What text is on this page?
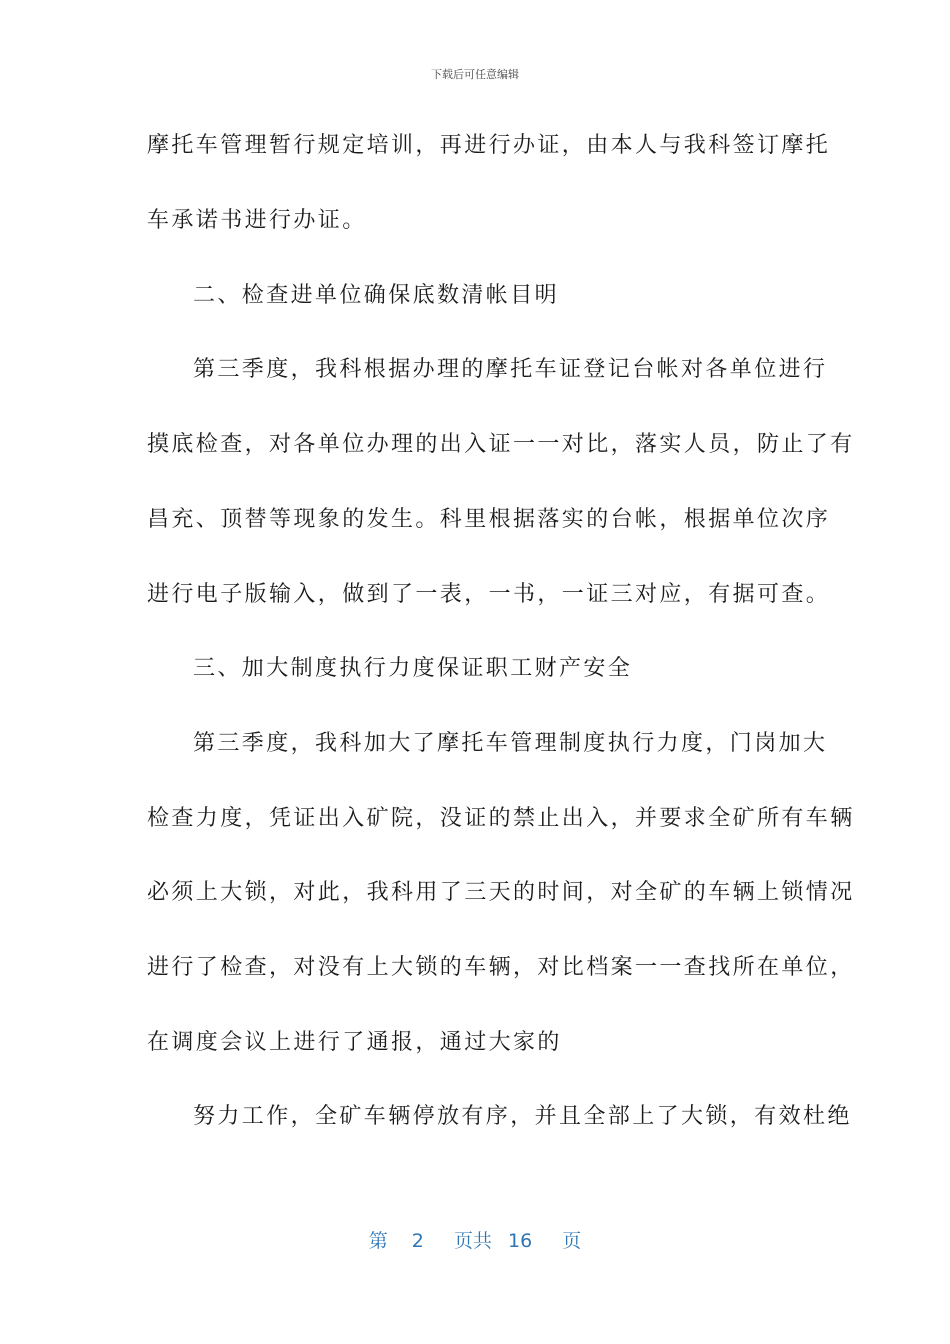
下载后可任意编辑
摩托车管理暂行规定培训，再进行办证，由本人与我科签订摩托
车承诺书进行办证。
二、检查进单位确保底数清帐目明
第三季度，我科根据办理的摩托车证登记台帐对各单位进行
摸底检查，对各单位办理的出入证一一对比，落实人员，防止了有
昌充、顶替等现象的发生。科里根据落实的台帐，根据单位次序
进行电子版输入，做到了一表，一书，一证三对应，有据可查。
三、加大制度执行力度保证职工财产安全
第三季度，我科加大了摩托车管理制度执行力度，门岗加大
检查力度，凭证出入矿院，没证的禁止出入，并要求全矿所有车辆
必须上大锁，对此，我科用了三天的时间，对全矿的车辆上锁情况
进行了检查，对没有上大锁的车辆，对比档案一一查找所在单位，
在调度会议上进行了通报，通过大家的
努力工作，全矿车辆停放有序，并且全部上了大锁，有效杜绝
第 2 页共 16 页
